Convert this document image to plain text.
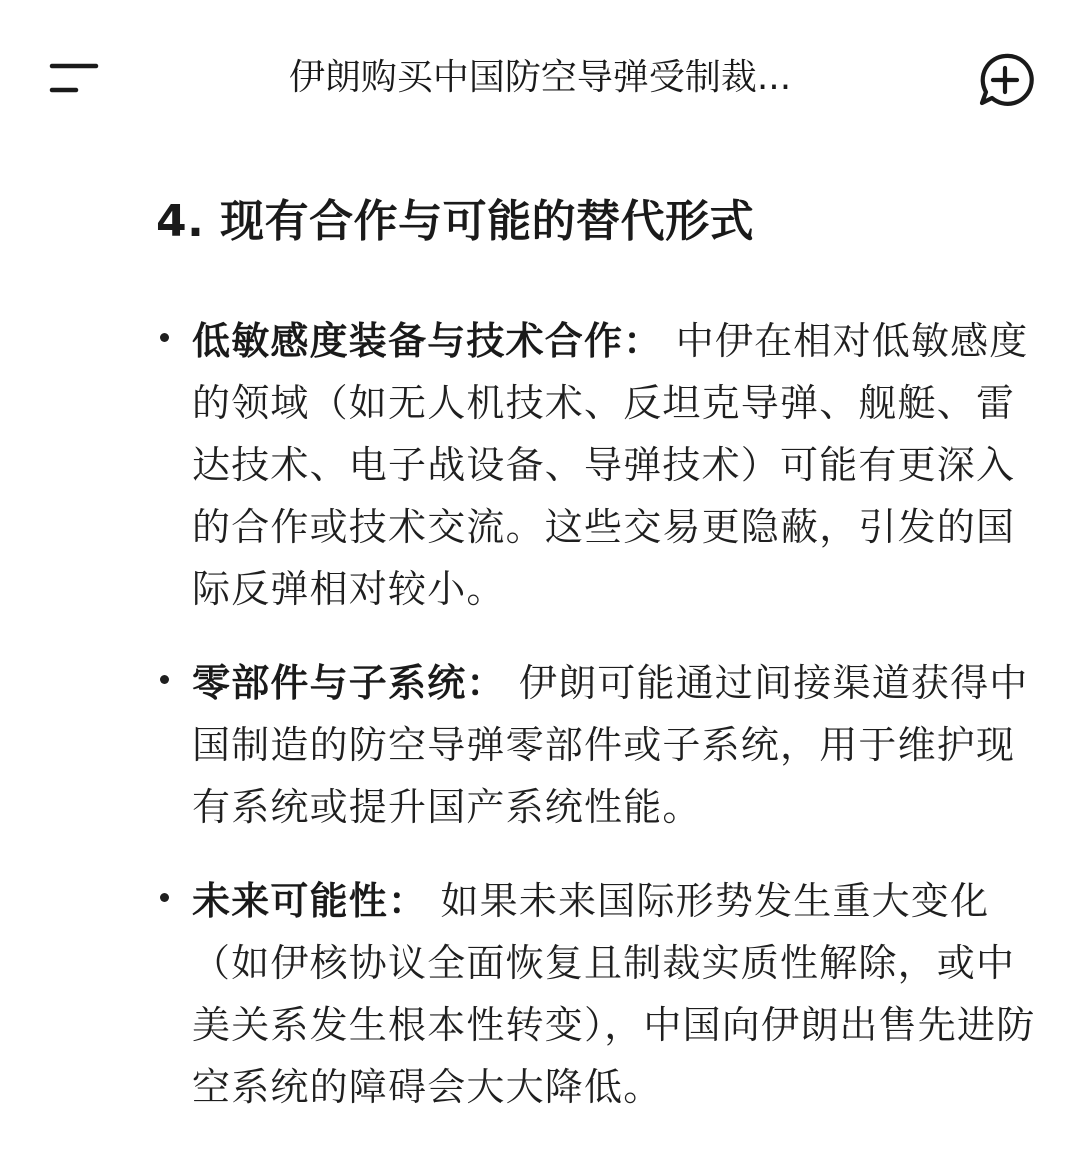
伊朗购买中国防空导弹受制裁...
4. 现有合作与可能的替代形式
低敏感度装备与技术合作： 中伊在相对低敏感度的领域（如无人机技术、反坦克导弹、舰艇、雷达技术、电子战设备、导弹技术）可能有更深入的合作或技术交流。这些交易更隐蔽，引发的国际反弹相对较小。
零部件与子系统： 伊朗可能通过间接渠道获得中国制造的防空导弹零部件或子系统，用于维护现有系统或提升国产系统性能。
未来可能性： 如果未来国际形势发生重大变化（如伊核协议全面恢复且制裁实质性解除，或中美关系发生根本性转变），中国向伊朗出售先进防空系统的障碍会大大降低。
